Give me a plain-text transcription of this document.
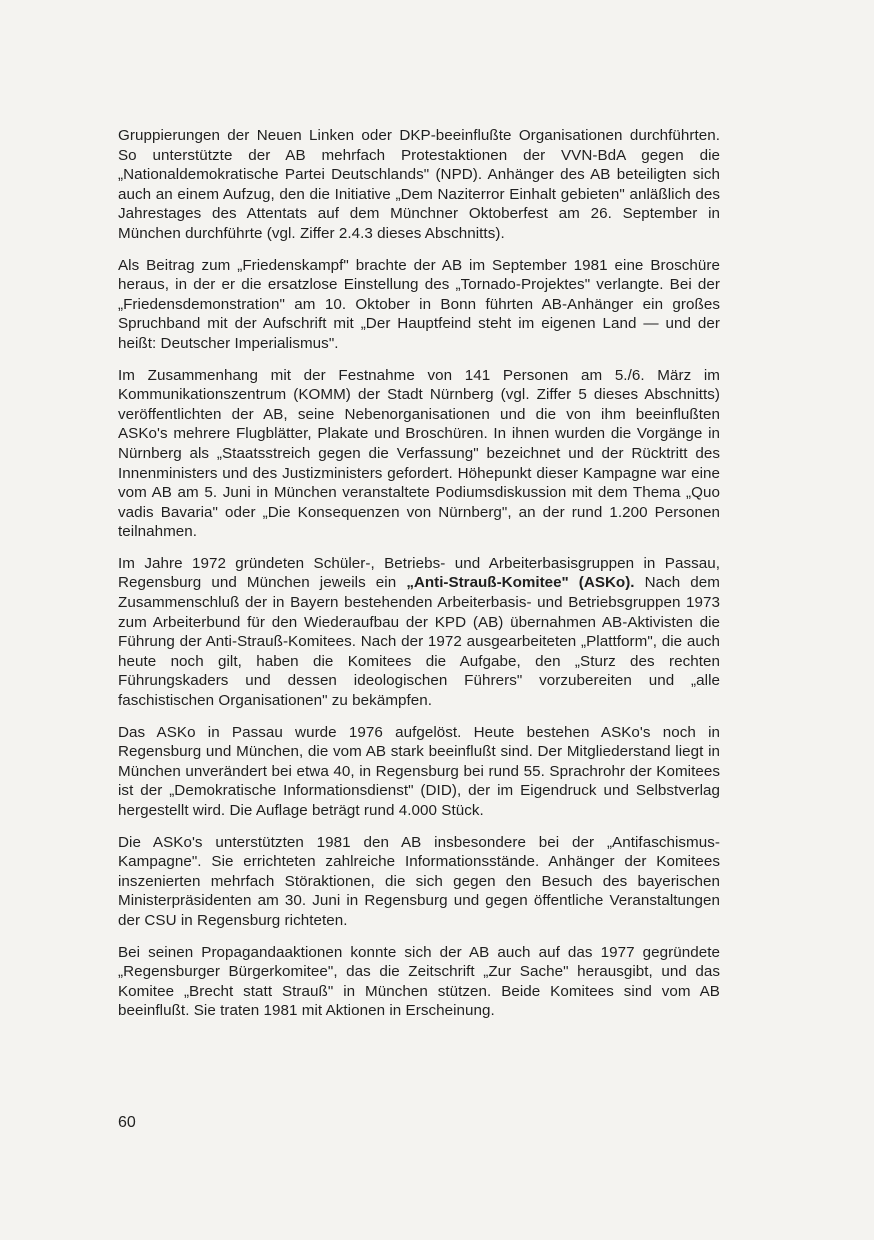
Gruppierungen der Neuen Linken oder DKP-beeinflußte Organisationen durchführten. So unterstützte der AB mehrfach Protestaktionen der VVN-BdA gegen die „Nationaldemokratische Partei Deutschlands" (NPD). Anhänger des AB beteiligten sich auch an einem Aufzug, den die Initiative „Dem Naziterror Einhalt gebieten" anläßlich des Jahrestages des Attentats auf dem Münchner Oktoberfest am 26. September in München durchführte (vgl. Ziffer 2.4.3 dieses Abschnitts).

Als Beitrag zum „Friedenskampf" brachte der AB im September 1981 eine Broschüre heraus, in der er die ersatzlose Einstellung des „Tornado-Projektes" verlangte. Bei der „Friedensdemonstration" am 10. Oktober in Bonn führten AB-Anhänger ein großes Spruchband mit der Aufschrift mit „Der Hauptfeind steht im eigenen Land — und der heißt: Deutscher Imperialismus".

Im Zusammenhang mit der Festnahme von 141 Personen am 5./6. März im Kommunikationszentrum (KOMM) der Stadt Nürnberg (vgl. Ziffer 5 dieses Abschnitts) veröffentlichten der AB, seine Nebenorganisationen und die von ihm beeinflußten ASKo's mehrere Flugblätter, Plakate und Broschüren. In ihnen wurden die Vorgänge in Nürnberg als „Staatsstreich gegen die Verfassung" bezeichnet und der Rücktritt des Innenministers und des Justizministers gefordert. Höhepunkt dieser Kampagne war eine vom AB am 5. Juni in München veranstaltete Podiumsdiskussion mit dem Thema „Quo vadis Bavaria" oder „Die Konsequenzen von Nürnberg", an der rund 1.200 Personen teilnahmen.

Im Jahre 1972 gründeten Schüler-, Betriebs- und Arbeiterbasisgruppen in Passau, Regensburg und München jeweils ein „Anti-Strauß-Komitee" (ASKo). Nach dem Zusammenschluß der in Bayern bestehenden Arbeiterbasis- und Betriebsgruppen 1973 zum Arbeiterbund für den Wiederaufbau der KPD (AB) übernahmen AB-Aktivisten die Führung der Anti-Strauß-Komitees. Nach der 1972 ausgearbeiteten „Plattform", die auch heute noch gilt, haben die Komitees die Aufgabe, den „Sturz des rechten Führungskaders und dessen ideologischen Führers" vorzubereiten und „alle faschistischen Organisationen" zu bekämpfen.

Das ASKo in Passau wurde 1976 aufgelöst. Heute bestehen ASKo's noch in Regensburg und München, die vom AB stark beeinflußt sind. Der Mitgliederstand liegt in München unverändert bei etwa 40, in Regensburg bei rund 55. Sprachrohr der Komitees ist der „Demokratische Informationsdienst" (DID), der im Eigendruck und Selbstverlag hergestellt wird. Die Auflage beträgt rund 4.000 Stück.

Die ASKo's unterstützten 1981 den AB insbesondere bei der „Antifaschismus-Kampagne". Sie errichteten zahlreiche Informationsstände. Anhänger der Komitees inszenierten mehrfach Störaktionen, die sich gegen den Besuch des bayerischen Ministerpräsidenten am 30. Juni in Regensburg und gegen öffentliche Veranstaltungen der CSU in Regensburg richteten.

Bei seinen Propagandaaktionen konnte sich der AB auch auf das 1977 gegründete „Regensburger Bürgerkomitee", das die Zeitschrift „Zur Sache" herausgibt, und das Komitee „Brecht statt Strauß" in München stützen. Beide Komitees sind vom AB beeinflußt. Sie traten 1981 mit Aktionen in Erscheinung.

60
